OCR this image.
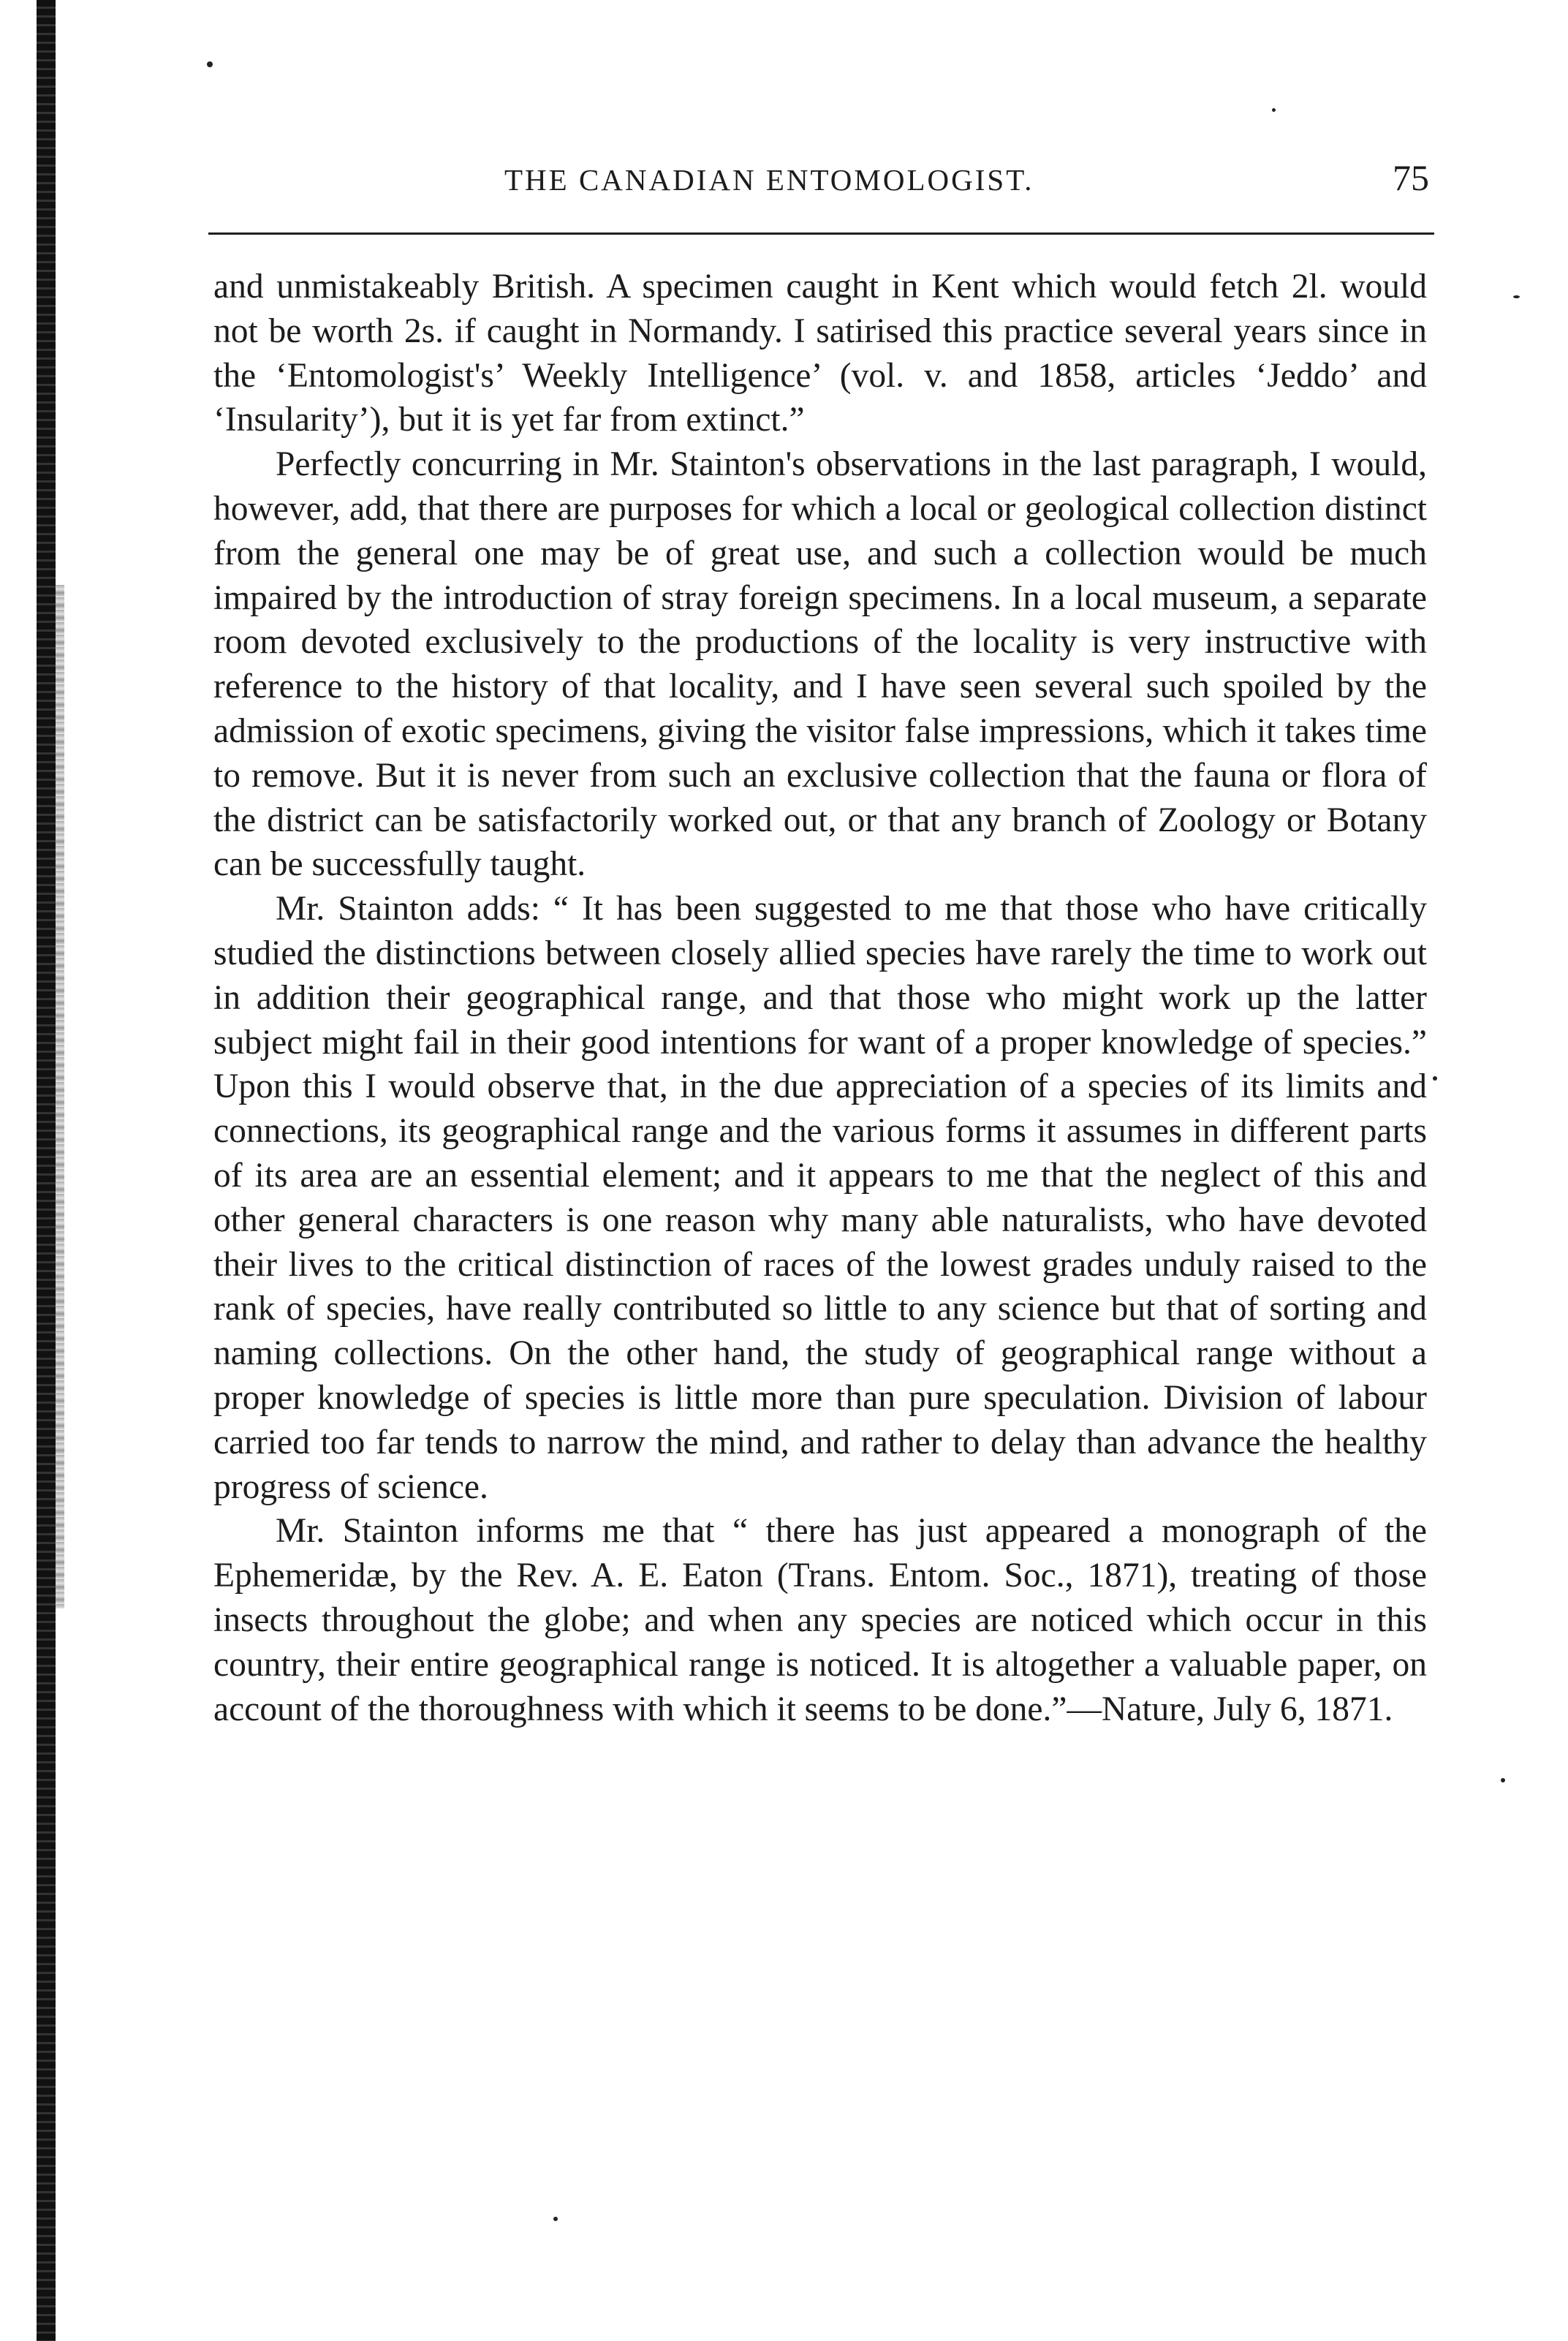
THE CANADIAN ENTOMOLOGIST.	75

and unmistakeably British. A specimen caught in Kent which would fetch 2l. would not be worth 2s. if caught in Normandy. I satirised this practice several years since in the ‘Entomologist's’ Weekly Intelligence’ (vol. v. and 1858, articles ‘Jeddo’ and ‘Insularity’), but it is yet far from extinct.”

Perfectly concurring in Mr. Stainton's observations in the last paragraph, I would, however, add, that there are purposes for which a local or geological collection distinct from the general one may be of great use, and such a collection would be much impaired by the introduction of stray foreign specimens. In a local museum, a separate room devoted exclusively to the productions of the locality is very instructive with reference to the history of that locality, and I have seen several such spoiled by the admission of exotic specimens, giving the visitor false impressions, which it takes time to remove. But it is never from such an exclusive collection that the fauna or flora of the district can be satisfactorily worked out, or that any branch of Zoology or Botany can be successfully taught.

Mr. Stainton adds: “ It has been suggested to me that those who have critically studied the distinctions between closely allied species have rarely the time to work out in addition their geographical range, and that those who might work up the latter subject might fail in their good intentions for want of a proper knowledge of species.” Upon this I would observe that, in the due appreciation of a species of its limits and connections, its geographical range and the various forms it assumes in different parts of its area are an essential element; and it appears to me that the neglect of this and other general characters is one reason why many able naturalists, who have devoted their lives to the critical distinction of races of the lowest grades unduly raised to the rank of species, have really contributed so little to any science but that of sorting and naming collections. On the other hand, the study of geographical range without a proper knowledge of species is little more than pure speculation. Division of labour carried too far tends to narrow the mind, and rather to delay than advance the healthy progress of science.

Mr. Stainton informs me that “ there has just appeared a monograph of the Ephemeridæ, by the Rev. A. E. Eaton (Trans. Entom. Soc., 1871), treating of those insects throughout the globe; and when any species are noticed which occur in this country, their entire geographical range is noticed. It is altogether a valuable paper, on account of the thoroughness with which it seems to be done.”—Nature, July 6, 1871.
